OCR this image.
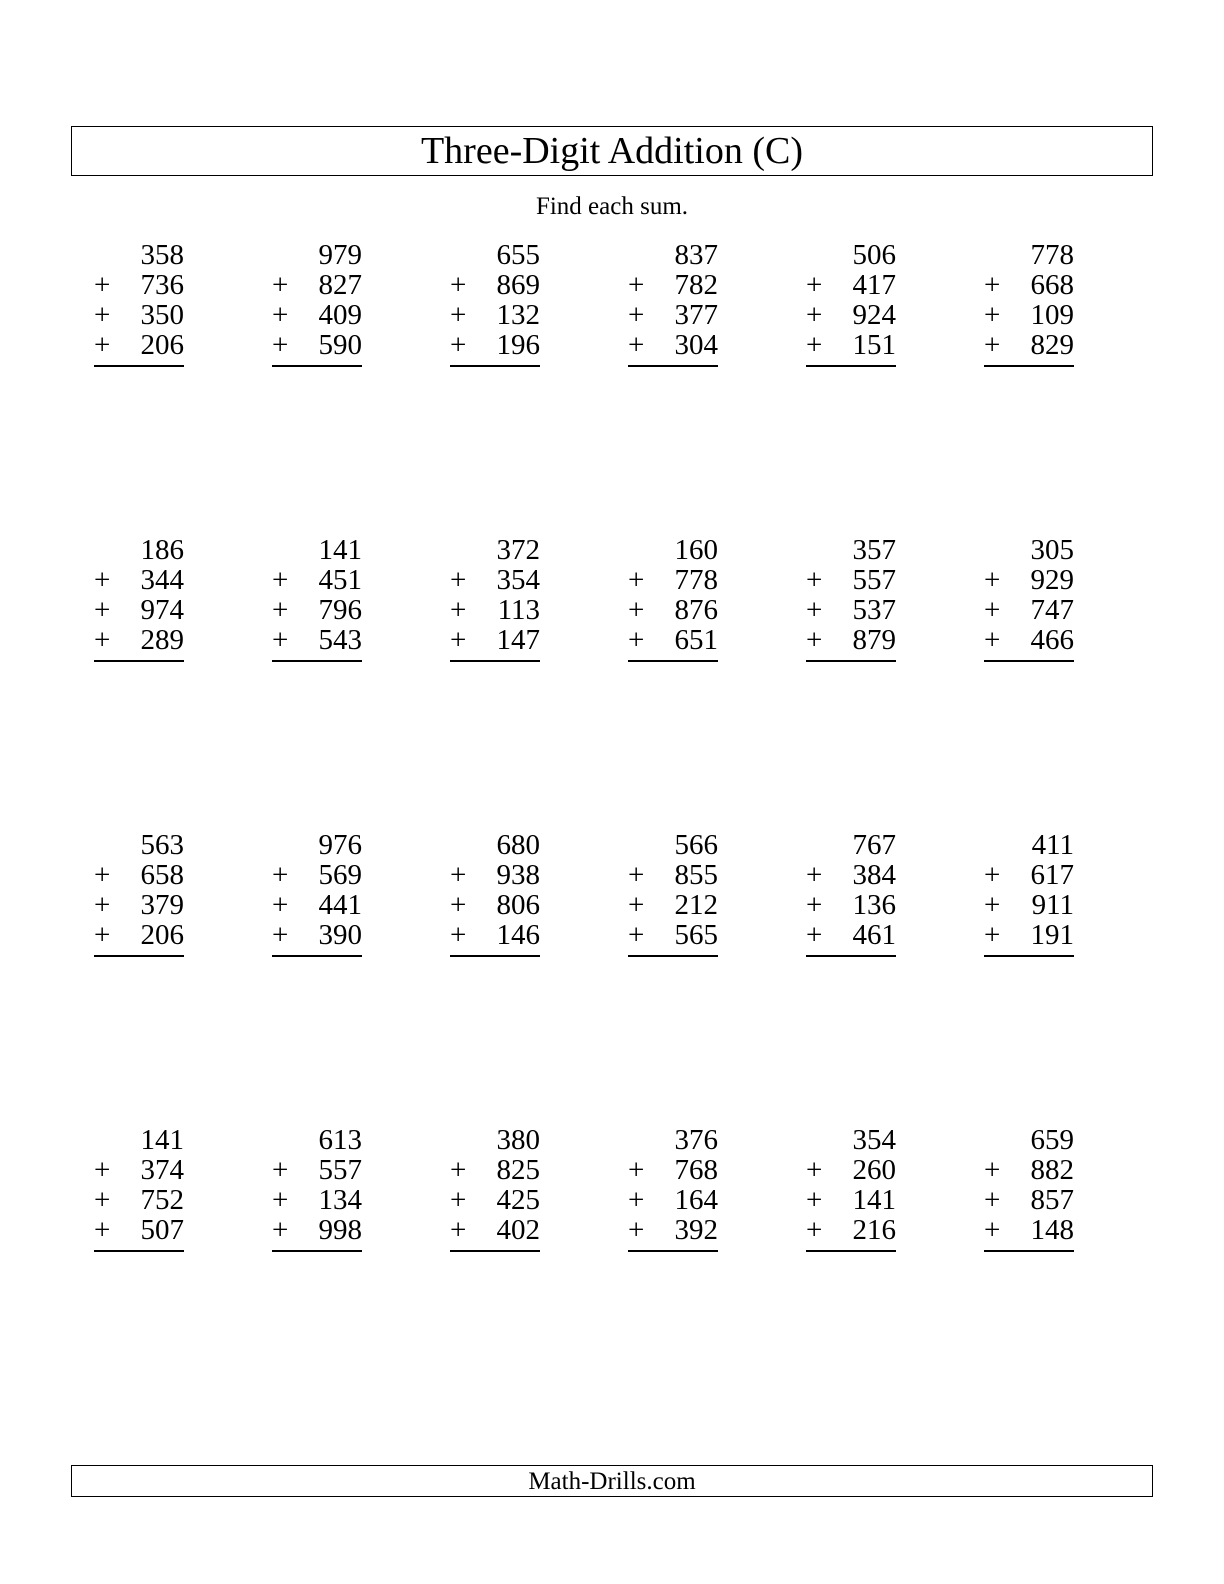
Three-Digit Addition (C)
Find each sum.
358
+	736
+	350
+	206
979
+	827
+	409
+	590
655
+	869
+	132
+	196
837
+	782
+	377
+	304
506
+	417
+	924
+	151
778
+	668
+	109
+	829
186
+	344
+	974
+	289
141
+	451
+	796
+	543
372
+	354
+	113
+	147
160
+	778
+	876
+	651
357
+	557
+	537
+	879
305
+	929
+	747
+	466
563
+	658
+	379
+	206
976
+	569
+	441
+	390
680
+	938
+	806
+	146
566
+	855
+	212
+	565
767
+	384
+	136
+	461
411
+	617
+	911
+	191
141
+	374
+	752
+	507
613
+	557
+	134
+	998
380
+	825
+	425
+	402
376
+	768
+	164
+	392
354
+	260
+	141
+	216
659
+	882
+	857
+	148
Math-Drills.com
